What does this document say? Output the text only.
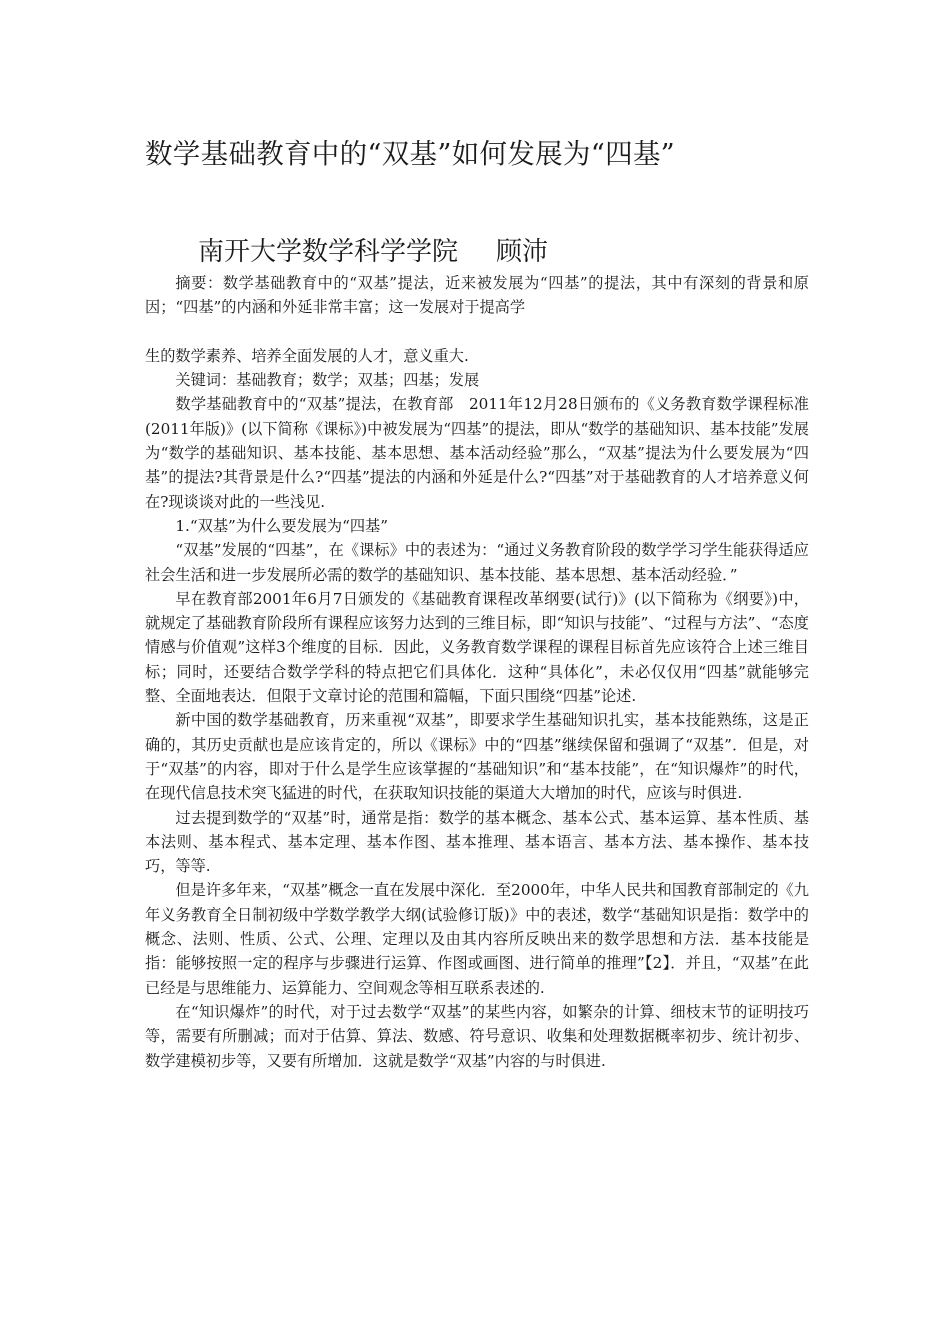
数学基础教育中的“双基”如何发展为“四基”
南开大学数学科学学院 顾沛

摘要：数学基础教育中的“双基”提法，近来被发展为“四基”的提法，其中有深刻的背景和原因；“四基”的内涵和外延非常丰富；这一发展对于提高学

生的数学素养、培养全面发展的人才，意义重大.

关键词：基础教育；数学；双基；四基；发展

数学基础教育中的“双基”提法，在教育部　2011年12月28日颁布的《义务教育数学课程标准(2011年版)》(以下简称《课标》)中被发展为“四基”的提法，即从“数学的基础知识、基本技能”发展为“数学的基础知识、基本技能、基本思想、基本活动经验”那么，“双基”提法为什么要发展为“四基”的提法?其背景是什么?“四基”提法的内涵和外延是什么?“四基”对于基础教育的人才培养意义何在?现谈谈对此的一些浅见.

1.“双基”为什么要发展为“四基”

“双基”发展的“四基”，在《课标》中的表述为：“通过义务教育阶段的数学学习学生能获得适应社会生活和进一步发展所必需的数学的基础知识、基本技能、基本思想、基本活动经验．”

早在教育部2001年6月7日颁发的《基础教育课程改革纲要(试行)》(以下简称为《纲要》)中，就规定了基础教育阶段所有课程应该努力达到的三维目标，即“知识与技能”、“过程与方法”、“态度情感与价值观”这样3个维度的目标．因此，义务教育数学课程的课程目标首先应该符合上述三维目标；同时，还要结合数学学科的特点把它们具体化．这种“具体化”，未必仅仅用“四基”就能够完整、全面地表达．但限于文章讨论的范围和篇幅，下面只围绕“四基”论述.

新中国的数学基础教育，历来重视“双基”，即要求学生基础知识扎实，基本技能熟练，这是正确的，其历史贡献也是应该肯定的，所以《课标》中的“四基”继续保留和强调了“双基”．但是，对于“双基”的内容，即对于什么是学生应该掌握的“基础知识”和“基本技能”，在“知识爆炸”的时代，在现代信息技术突飞猛进的时代，在获取知识技能的渠道大大增加的时代，应该与时俱进.

过去提到数学的“双基”时，通常是指：数学的基本概念、基本公式、基本运算、基本性质、基本法则、基本程式、基本定理、基本作图、基本推理、基本语言、基本方法、基本操作、基本技巧，等等.

但是许多年来，“双基”概念一直在发展中深化．至2000年，中华人民共和国教育部制定的《九年义务教育全日制初级中学数学教学大纲(试验修订版)》中的表述，数学“基础知识是指：数学中的概念、法则、性质、公式、公理、定理以及由其内容所反映出来的数学思想和方法．基本技能是指：能够按照一定的程序与步骤进行运算、作图或画图、进行简单的推理”【2】．并且，“双基”在此已经是与思维能力、运算能力、空间观念等相互联系表述的.

在“知识爆炸”的时代，对于过去数学“双基”的某些内容，如繁杂的计算、细枝末节的证明技巧等，需要有所删减；而对于估算、算法、数感、符号意识、收集和处理数据概率初步、统计初步、数学建模初步等，又要有所增加．这就是数学“双基”内容的与时俱进.
